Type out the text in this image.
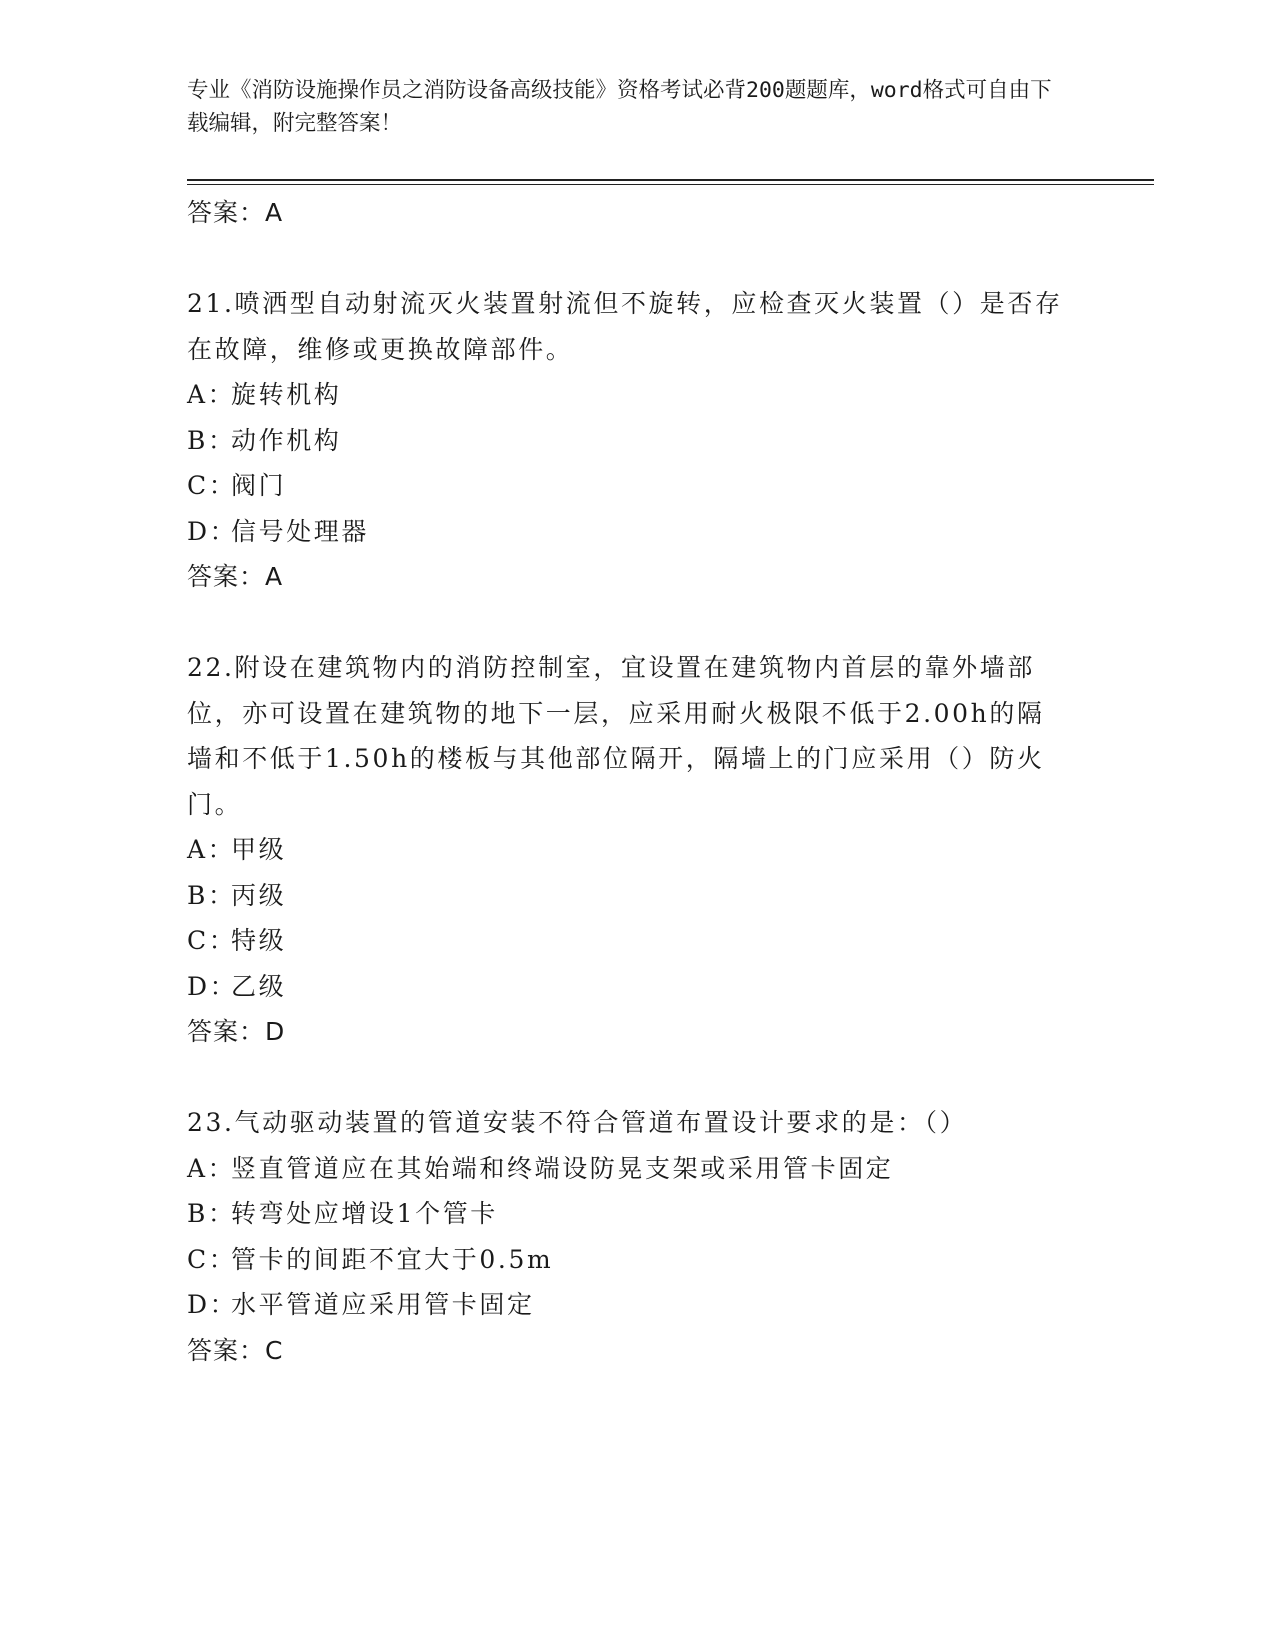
专业《消防设施操作员之消防设备高级技能》资格考试必背200题题库，word格式可自由下载编辑，附完整答案！
答案：A
21.喷洒型自动射流灭火装置射流但不旋转，应检查灭火装置（）是否存在故障，维修或更换故障部件。
A：旋转机构
B：动作机构
C：阀门
D：信号处理器
答案：A
22.附设在建筑物内的消防控制室，宜设置在建筑物内首层的靠外墙部位，亦可设置在建筑物的地下一层，应采用耐火极限不低于2.00h的隔墙和不低于1.50h的楼板与其他部位隔开，隔墙上的门应采用（）防火门。
A：甲级
B：丙级
C：特级
D：乙级
答案：D
23.气动驱动装置的管道安装不符合管道布置设计要求的是：（）
A：竖直管道应在其始端和终端设防晃支架或采用管卡固定
B：转弯处应增设1个管卡
C：管卡的间距不宜大于0.5m
D：水平管道应采用管卡固定
答案：C
